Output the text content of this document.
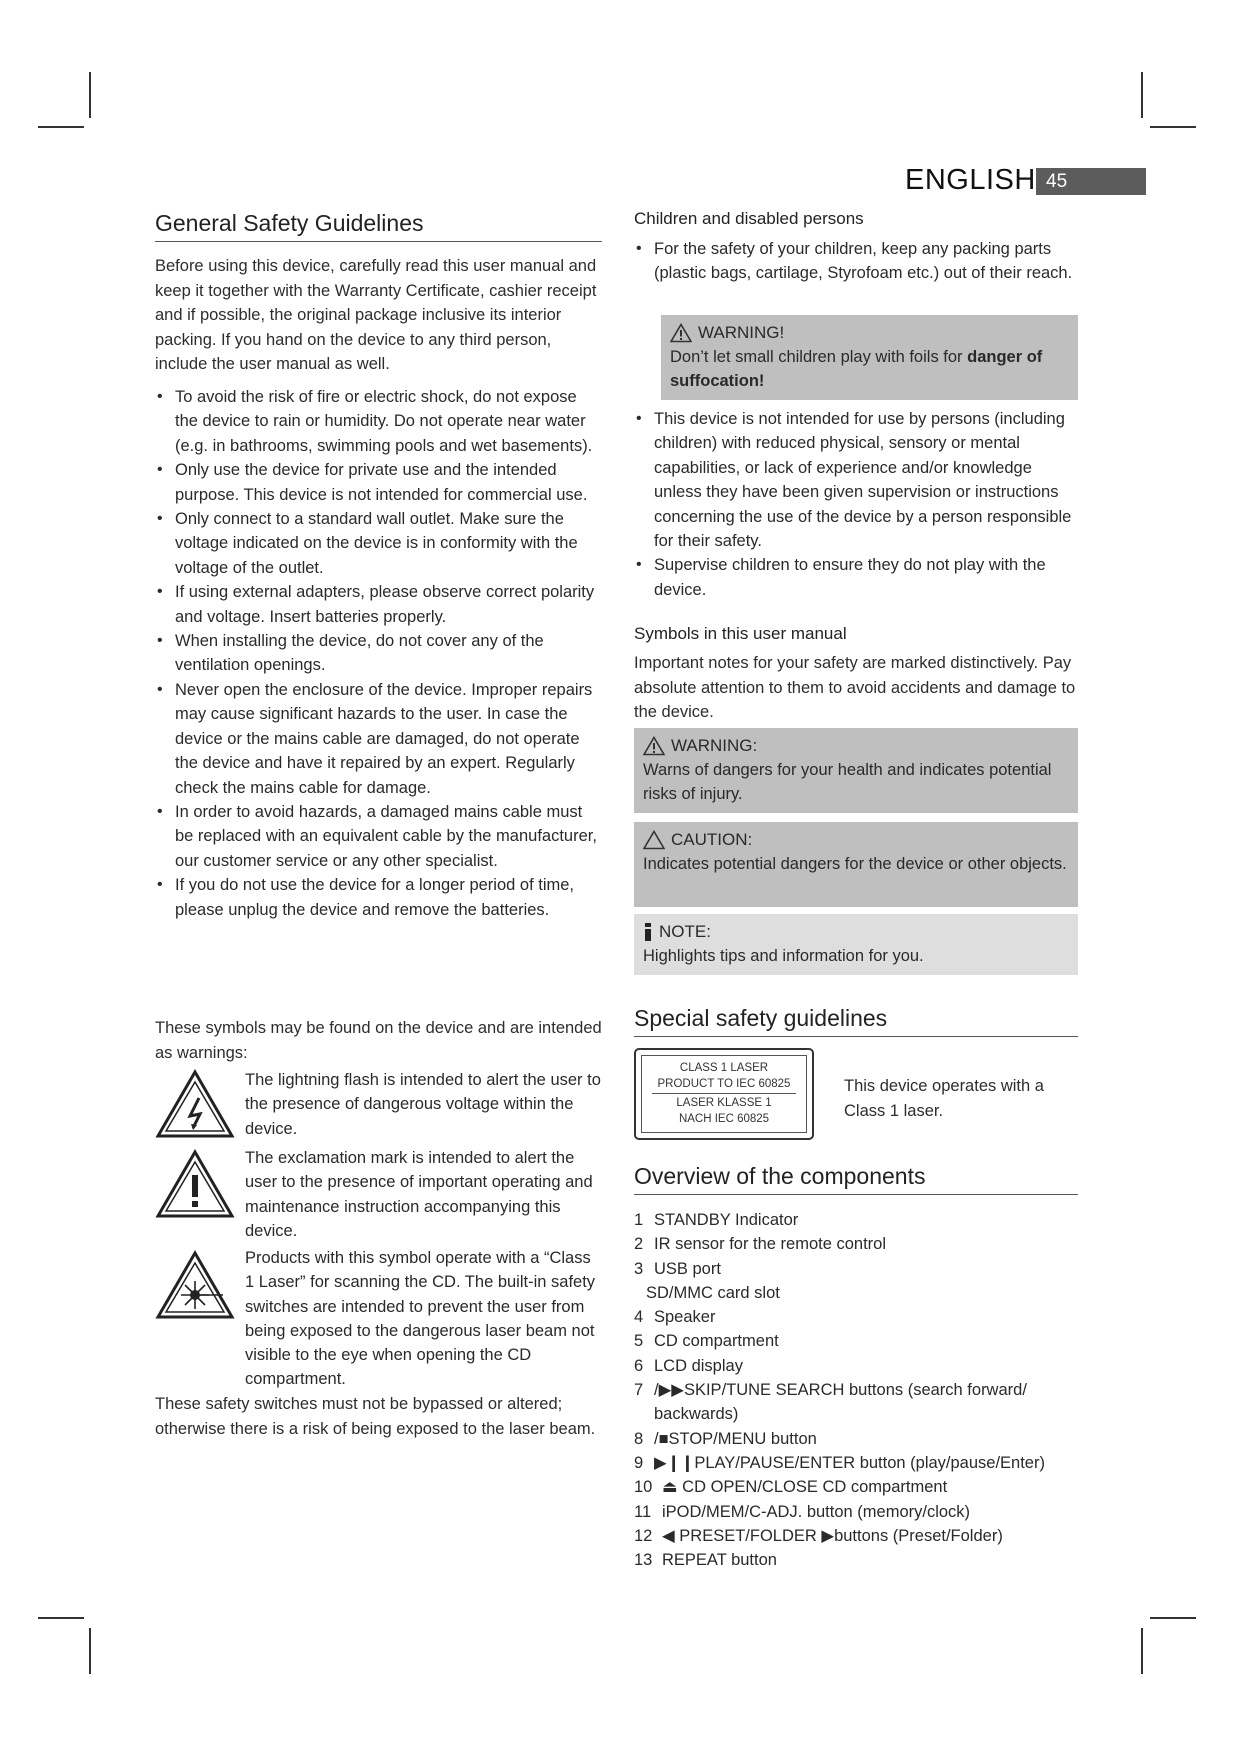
ENGLISH 45
General Safety Guidelines

Before using this device, carefully read this user manual and keep it together with the Warranty Certificate, cashier receipt and if possible, the original package inclusive its interior packing. If you hand on the device to any third person, include the user manual as well.

• To avoid the risk of fire or electric shock, do not expose the device to rain or humidity. Do not operate near water (e.g. in bathrooms, swimming pools and wet basements).
• Only use the device for private use and the intended purpose. This device is not intended for commercial use.
• Only connect to a standard wall outlet. Make sure the voltage indicated on the device is in conformity with the voltage of the outlet.
• If using external adapters, please observe correct polarity and voltage. Insert batteries properly.
• When installing the device, do not cover any of the ventilation openings.
• Never open the enclosure of the device. Improper repairs may cause significant hazards to the user. In case the device or the mains cable are damaged, do not operate the device and have it repaired by an expert. Regularly check the mains cable for damage.
• In order to avoid hazards, a damaged mains cable must be replaced with an equivalent cable by the manufacturer, our customer service or any other specialist.
• If you do not use the device for a longer period of time, please unplug the device and remove the batteries.

These symbols may be found on the device and are intended as warnings:

The lightning flash is intended to alert the user to the presence of dangerous voltage within the device.
The exclamation mark is intended to alert the user to the presence of important operating and maintenance instruction accompanying this device.
Products with this symbol operate with a “Class 1 Laser” for scanning the CD. The built-in safety switches are intended to prevent the user from being exposed to the dangerous laser beam not visible to the eye when opening the CD compartment.

These safety switches must not be bypassed or altered; otherwise there is a risk of being exposed to the laser beam.

Children and disabled persons
• For the safety of your children, keep any packing parts (plastic bags, cartilage, Styrofoam etc.) out of their reach.
WARNING!
Don’t let small children play with foils for danger of suffocation!
• This device is not intended for use by persons (including children) with reduced physical, sensory or mental capabilities, or lack of experience and/or knowledge unless they have been given supervision or instructions concerning the use of the device by a person responsible for their safety.
• Supervise children to ensure they do not play with the device.
Symbols in this user manual

Important notes for your safety are marked distinctively. Pay absolute attention to them to avoid accidents and damage to the device.

WARNING:
Warns of dangers for your health and indicates potential risks of injury.
CAUTION:
Indicates potential dangers for the device or other objects.
NOTE:
Highlights tips and information for you.
Special safety guidelines
CLASS 1 LASER
PRODUCT TO IEC 60825
LASER KLASSE 1
NACH IEC 60825

This device operates with a Class 1 laser.

Overview of the components
1 STANDBY Indicator
2 IR sensor for the remote control
3 USB port
SD/MMC card slot
4 Speaker
5 CD compartment
6 LCD display
7 /▶▶SKIP/TUNE SEARCH buttons (search forward/ backwards)
8 /■STOP/MENU button
9 ▶❙❙PLAY/PAUSE/ENTER button (play/pause/Enter)
10 ⏏ CD OPEN/CLOSE CD compartment
11 iPOD/MEM/C-ADJ. button (memory/clock)
12 ◀ PRESET/FOLDER ▶buttons (Preset/Folder)
13 REPEAT button
